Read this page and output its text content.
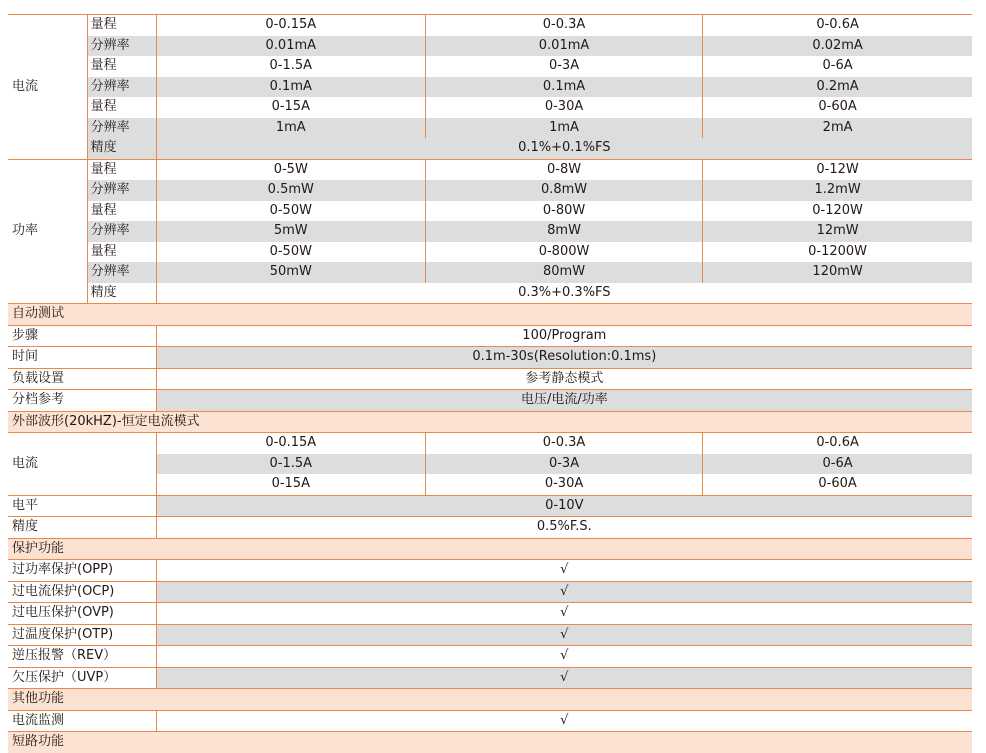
电流	量程	0-0.15A	0-0.3A	0-0.6A
	分辨率	0.01mA	0.01mA	0.02mA
	量程	0-1.5A	0-3A	0-6A
	分辨率	0.1mA	0.1mA	0.2mA
	量程	0-15A	0-30A	0-60A
	分辨率	1mA	1mA	2mA
	精度	0.1%+0.1%FS		
功率	量程	0-5W	0-8W	0-12W
	分辨率	0.5mW	0.8mW	1.2mW
	量程	0-50W	0-80W	0-120W
	分辨率	5mW	8mW	12mW
	量程	0-50W	0-800W	0-1200W
	分辨率	50mW	80mW	120mW
	精度	0.3%+0.3%FS		
自动测试				
步骤		100/Program		
时间		0.1m-30s(Resolution:0.1ms)		
负载设置		参考静态模式		
分档参考		电压/电流/功率		
外部波形(20kHZ)-恒定电流模式				
电流		0-0.15A	0-0.3A	0-0.6A
		0-1.5A	0-3A	0-6A
		0-15A	0-30A	0-60A
电平		0-10V		
精度		0.5%F.S.		
保护功能				
过功率保护(OPP)		√		
过电流保护(OCP)		√		
过电压保护(OVP)		√		
过温度保护(OTP)		√		
逆压报警（REV）		√		
欠压保护（UVP）		√		
其他功能				
电流监测		√		
短路功能				
